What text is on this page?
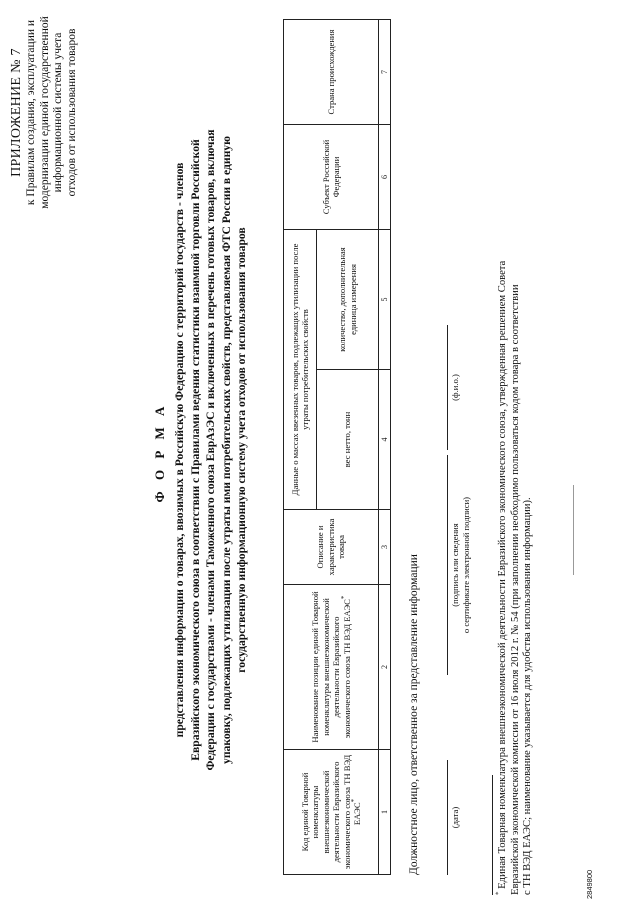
ПРИЛОЖЕНИЕ № 7 к Правилам создания, эксплуатации и модернизации единой государственной информационной системы учета отходов от использования товаров
Ф О Р М А представления информации о товарах, ввозимых в Российскую Федерацию с территорий государств - членов Евразийского экономического союза в соответствии с Правилами ведения статистики взаимной торговли Российской Федерации с государствами - членами Таможенного союза ЕврАзЭС и включенных в перечень готовых товаров, включая упаковку, подлежащих утилизации после утраты ими потребительских свойств, представляемая ФТС России в единую государственную информационную систему учета отходов от использования товаров
Код единой Товарной номенклатуры внешнеэкономической деятельности Евразийского экономического союза ТН ВЭД ЕАЭС*	Наименование позиции единой Товарной номенклатуры внешнеэкономической деятельности Евразийского экономического союза ТН ВЭД ЕАЭС*	Описание и характеристика товара	Данные о массах ввезенных товаров, подлежащих утилизации после утраты потребительских свойств		Субъект Российской Федерации	Страна происхождения
			вес нетто, тонн	количество, дополнительная единица измерения		
1	2	3	4	5	6	7
Должностное лицо, ответственное за представление информации	(дата)
(подпись или сведения о сертификате электронной подписи)
(ф.и.о.)
* Единая Товарная номенклатура внешнеэкономической деятельности Евразийского экономического союза, утвержденная решением Совета Евразийской экономической комиссии от 16 июля 2012 г. № 54 (при заполнении необходимо пользоваться кодом товара в соответствии с ТН ВЭД ЕАЭС; наименование указывается для удобства использования информации).	2849800
